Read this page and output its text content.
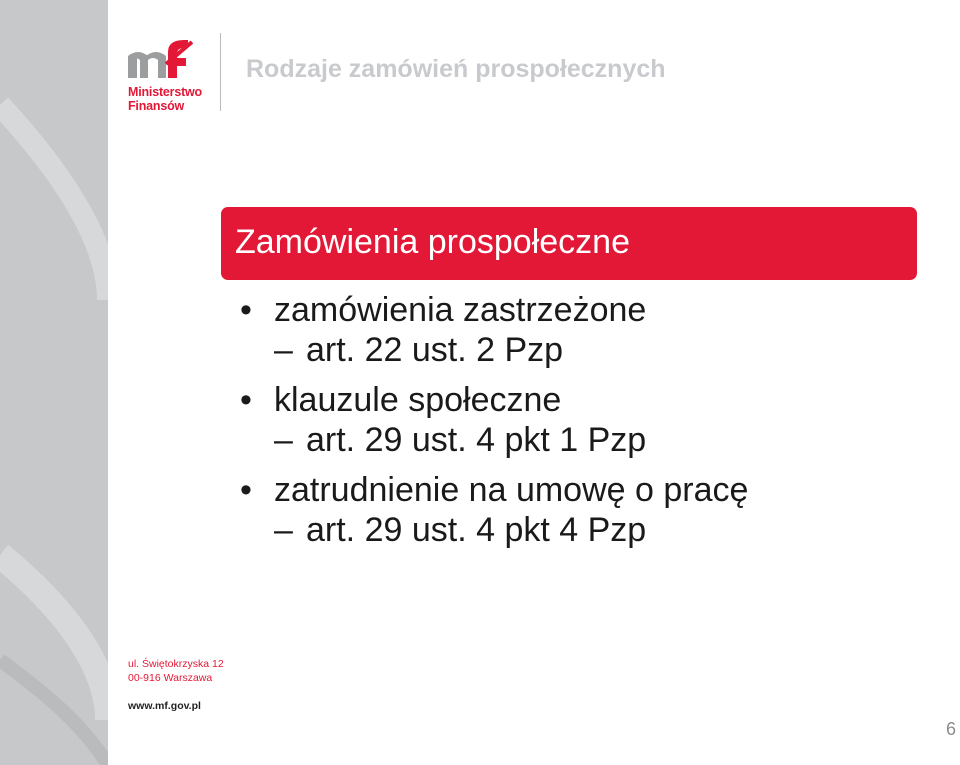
Ministerstwo
Finansów
Rodzaje zamówień prospołecznych
Zamówienia prospołeczne
• zamówienia zastrzeżone
– art. 22 ust. 2 Pzp
• klauzule społeczne
– art. 29 ust. 4 pkt 1 Pzp
• zatrudnienie na umowę o pracę
– art. 29 ust. 4 pkt 4 Pzp
ul. Świętokrzyska 12
00-916 Warszawa
www.mf.gov.pl
6
